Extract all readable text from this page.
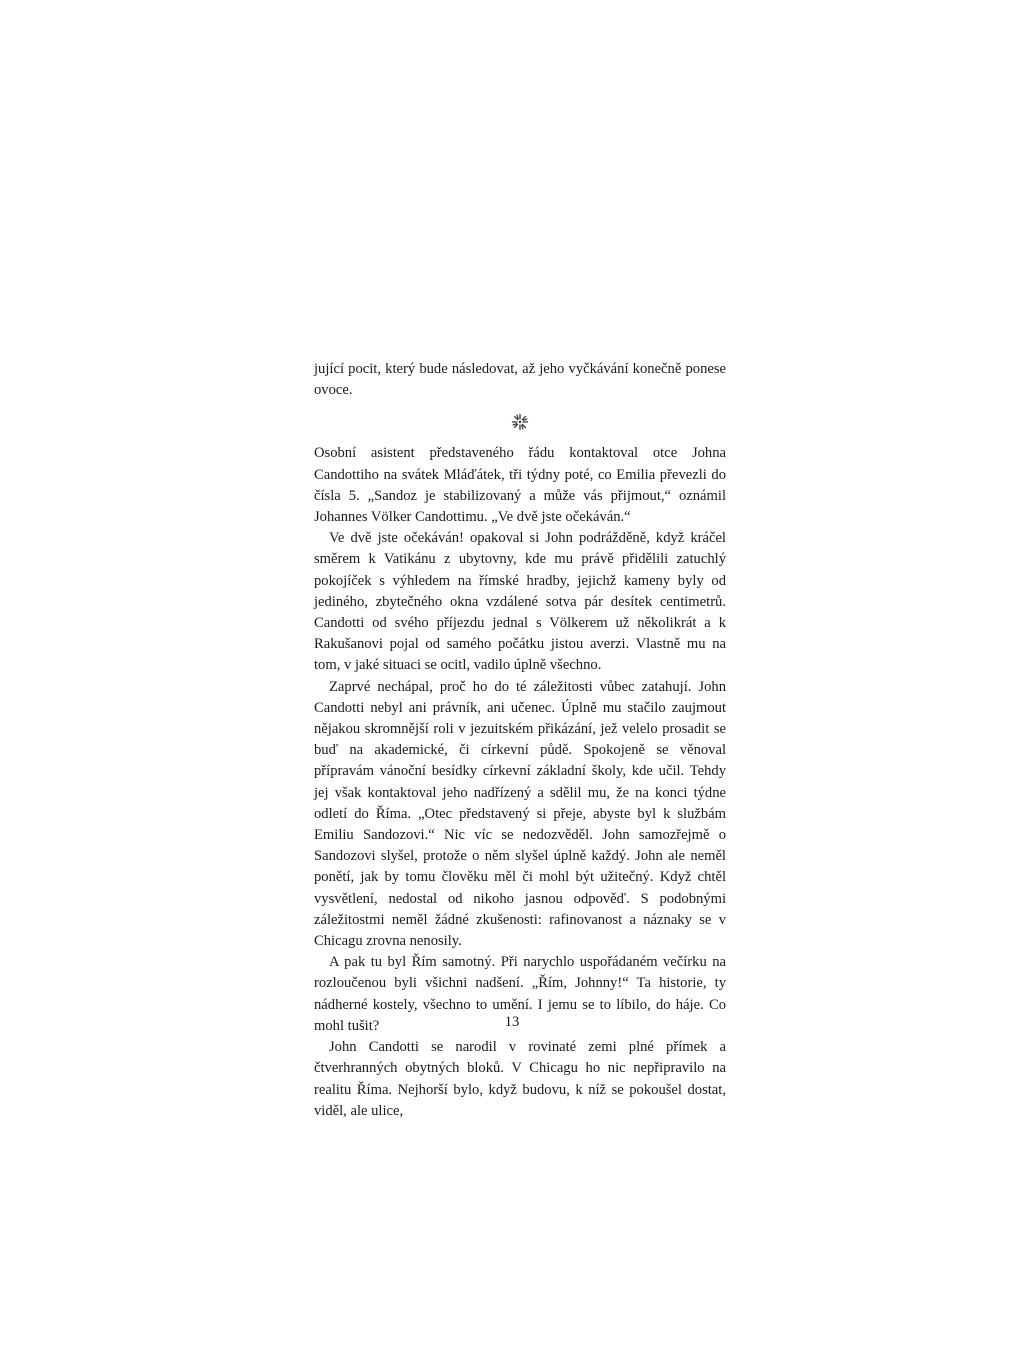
jující pocit, který bude následovat, až jeho vyčkávání konečně ponese ovoce.

Osobní asistent představeného řádu kontaktoval otce Johna Candottiho na svátek Mláďátek, tři týdny poté, co Emilia převezli do čísla 5. „Sandoz je stabilizovaný a může vás přijmout,“ oznámil Johannes Völker Candottimu. „Ve dvě jste očekáván.“

Ve dvě jste očekáván! opakoval si John podrážděně, když kráčel směrem k Vatikánu z ubytovny, kde mu právě přidělili zatuchlý pokojíček s výhledem na římské hradby, jejichž kameny byly od jediného, zbytečného okna vzdálené sotva pár desítek centimetrů. Candotti od svého příjezdu jednal s Völkerem už několikrát a k Rakušanovi pojal od samého počátku jistou averzi. Vlastně mu na tom, v jaké situaci se ocitl, vadilo úplně všechno.

Zaprvé nechápal, proč ho do té záležitosti vůbec zatahují. John Candotti nebyl ani právník, ani učenec. Úplně mu stačilo zaujmout nějakou skromnější roli v jezuitském přikázání, jež velelo prosadit se buď na akademické, či církevní půdě. Spokojeně se věnoval přípravám vánoční besídky církevní základní školy, kde učil. Tehdy jej však kontaktoval jeho nadřízený a sdělil mu, že na konci týdne odletí do Říma. „Otec představený si přeje, abyste byl k službám Emiliu Sandozovi.“ Nic víc se nedozvěděl. John samozřejmě o Sandozovi slyšel, protože o něm slyšel úplně každý. John ale neměl ponětí, jak by tomu člověku měl či mohl být užitečný. Když chtěl vysvětlení, nedostal od nikoho jasnou odpověď. S podobnými záležitostmi neměl žádné zkušenosti: rafinovanost a náznaky se v Chicagu zrovna nenosily.

A pak tu byl Řím samotný. Při narychlo uspořádaném večírku na rozloučenou byli všichni nadšení. „Řím, Johnny!“ Ta historie, ty nádherné kostely, všechno to umění. I jemu se to líbilo, do háje. Co mohl tušit?

John Candotti se narodil v rovinaté zemi plné přímek a čtverhranných obytných bloků. V Chicagu ho nic nepřipravilo na realitu Říma. Nejhorší bylo, když budovu, k níž se pokoušel dostat, viděl, ale ulice,

13
